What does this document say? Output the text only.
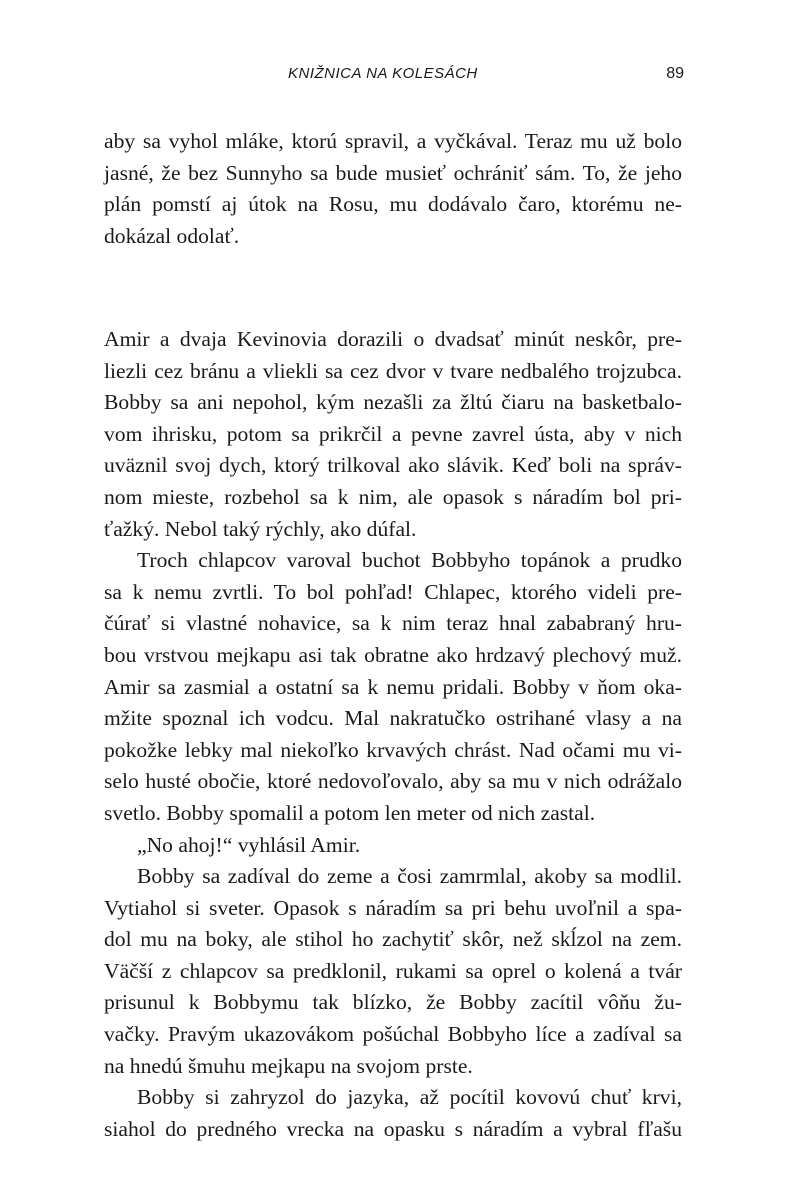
KNIŽNICA NA KOLESÁCH	89
aby sa vyhol mláke, ktorú spravil, a vyčkával. Teraz mu už bolo
jasné, že bez Sunnyho sa bude musieť ochrániť sám. To, že jeho
plán pomstí aj útok na Rosu, mu dodávalo čaro, ktorému ne-
dokázal odolať.
Amir a dvaja Kevinovia dorazili o dvadsať minút neskôr, pre-
liezli cez bránu a vliekli sa cez dvor v tvare nedbalého trojzubca.
Bobby sa ani nepohol, kým nezašli za žltú čiaru na basketbalo-
vom ihrisku, potom sa prikrčil a pevne zavrel ústa, aby v nich
uväznil svoj dych, ktorý trilkoval ako slávik. Keď boli na správ-
nom mieste, rozbehol sa k nim, ale opasok s náradím bol pri-
ťažký. Nebol taký rýchly, ako dúfal.
Troch chlapcov varoval buchot Bobbyho topánok a prudko
sa k nemu zvrtli. To bol pohľad! Chlapec, ktorého videli pre-
čúrať si vlastné nohavice, sa k nim teraz hnal zababraný hru-
bou vrstvou mejkapu asi tak obratne ako hrdzavý plechový muž.
Amir sa zasmial a ostatní sa k nemu pridali. Bobby v ňom oka-
mžite spoznal ich vodcu. Mal nakratučko ostrihané vlasy a na
pokožke lebky mal niekoľko krvavých chrást. Nad očami mu vi-
selo husté obočie, ktoré nedovoľovalo, aby sa mu v nich odrážalo
svetlo. Bobby spomalil a potom len meter od nich zastal.
„No ahoj!“ vyhlásil Amir.
Bobby sa zadíval do zeme a čosi zamrmlal, akoby sa modlil.
Vytiahol si sveter. Opasok s náradím sa pri behu uvoľnil a spa-
dol mu na boky, ale stihol ho zachytiť skôr, než skĺzol na zem.
Väčší z chlapcov sa predklonil, rukami sa oprel o kolená a tvár
prisunul k Bobbymu tak blízko, že Bobby zacítil vôňu žu-
vačky. Pravým ukazovákom pošúchal Bobbyho líce a zadíval sa
na hnedú šmuhu mejkapu na svojom prste.
Bobby si zahryzol do jazyka, až pocítil kovovú chuť krvi,
siahol do predného vrecka na opasku s náradím a vybral fľašu
